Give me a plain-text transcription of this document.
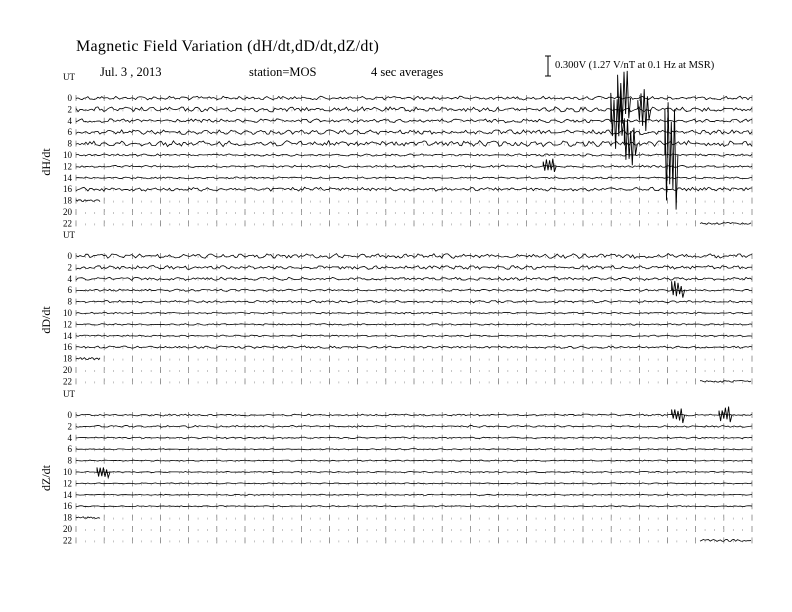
Magnetic Field Variation (dH/dt,dD/dt,dZ/dt)
Jul. 3 , 2013	station=MOS	4 sec averages	0.300V (1.27 V/nT at 0.1 Hz at MSR)
UT
dH/dt
0
2
4
6
8
10
12
14
16
18
20
22
UT
dD/dt
0
2
4
6
8
10
12
14
16
18
20
22
UT
dZ/dt
0
2
4
6
8
10
12
14
16
18
20
22
